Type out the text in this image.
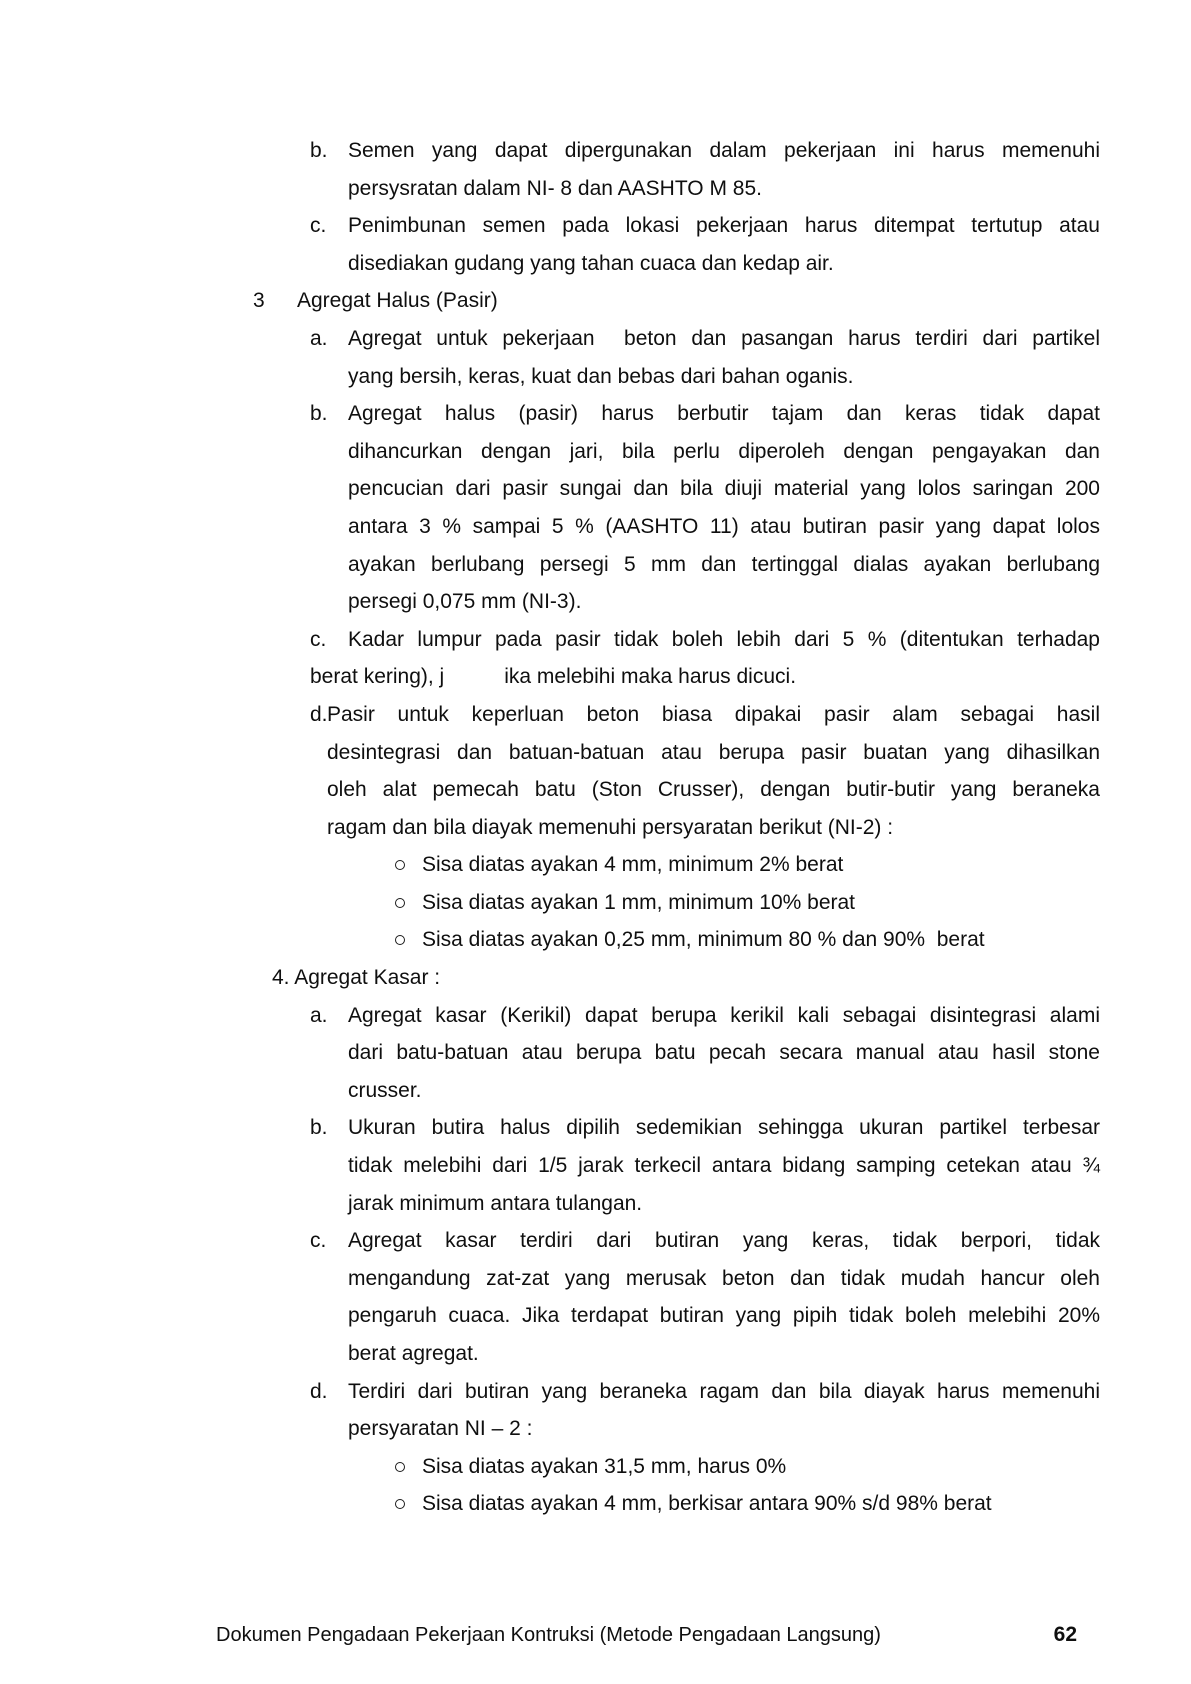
b. Semen yang dapat dipergunakan dalam pekerjaan ini harus memenuhi
persysratan dalam NI- 8 dan AASHTO M 85.
c. Penimbunan semen pada lokasi pekerjaan harus ditempat tertutup atau
disediakan gudang yang tahan cuaca dan kedap air.
3 Agregat Halus (Pasir)
a. Agregat untuk pekerjaan  beton dan pasangan harus terdiri dari partikel
yang bersih, keras, kuat dan bebas dari bahan oganis.
b. Agregat halus (pasir) harus berbutir tajam dan keras tidak dapat
dihancurkan dengan jari, bila perlu diperoleh dengan pengayakan dan
pencucian dari pasir sungai dan bila diuji material yang lolos saringan 200
antara 3 % sampai 5 % (AASHTO 11) atau butiran pasir yang dapat lolos
ayakan berlubang persegi 5 mm dan tertinggal dialas ayakan berlubang
persegi 0,075 mm (NI-3).
c. Kadar lumpur pada pasir tidak boleh lebih dari 5 % (ditentukan terhadap
berat kering), j	ika melebihi maka harus dicuci.
d. Pasir untuk keperluan beton biasa dipakai pasir alam sebagai hasil
desintegrasi dan batuan-batuan atau berupa pasir buatan yang dihasilkan
oleh alat pemecah batu (Ston Crusser), dengan butir-butir yang beraneka
ragam dan bila diayak memenuhi persyaratan berikut (NI-2) :
Sisa diatas ayakan 4 mm, minimum 2% berat
Sisa diatas ayakan 1 mm, minimum 10% berat
Sisa diatas ayakan 0,25 mm, minimum 80 % dan 90%  berat
4. Agregat Kasar :
a. Agregat kasar (Kerikil) dapat berupa kerikil kali sebagai disintegrasi alami
dari batu-batuan atau berupa batu pecah secara manual atau hasil stone
crusser.
b. Ukuran butira halus dipilih sedemikian sehingga ukuran partikel terbesar
tidak melebihi dari 1/5 jarak terkecil antara bidang samping cetekan atau ¾
jarak minimum antara tulangan.
c. Agregat kasar terdiri dari butiran yang keras, tidak berpori, tidak
mengandung zat-zat yang merusak beton dan tidak mudah hancur oleh
pengaruh cuaca. Jika terdapat butiran yang pipih tidak boleh melebihi 20%
berat agregat.
d. Terdiri dari butiran yang beraneka ragam dan bila diayak harus memenuhi
persyaratan NI – 2 :
Sisa diatas ayakan 31,5 mm, harus 0%
Sisa diatas ayakan 4 mm, berkisar antara 90% s/d 98% berat
Dokumen Pengadaan Pekerjaan Kontruksi (Metode Pengadaan Langsung)	62
